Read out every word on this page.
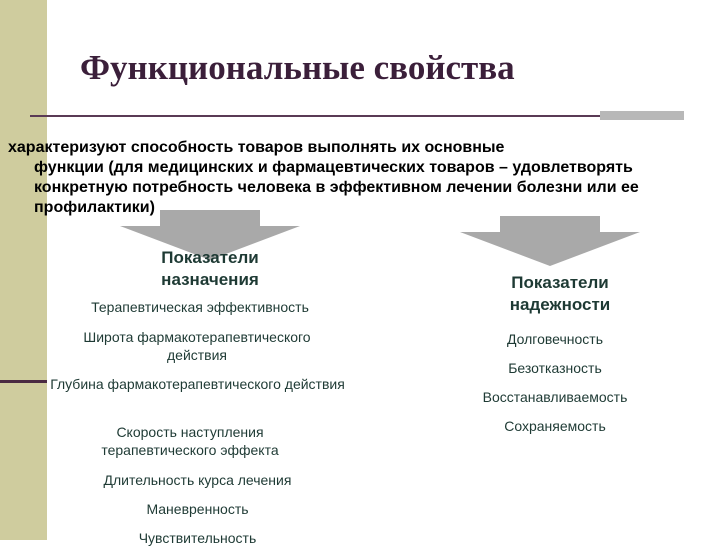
Функциональные свойства
характеризуют способность товаров выполнять их основные
функции (для медицинских и фармацевтических товаров – удовлетворять конкретную потребность человека в эффективном лечении болезни или ее профилактики)
Показатели
назначения	Показатели
надежности
Терапевтическая эффективность
Широта фармакотерапевтического действия
Глубина фармакотерапевтического действия
Скорость наступления терапевтического эффекта
Длительность курса лечения
Маневренность
Чувствительность
Долговечность
Безотказность
Восстанавливаемость
Сохраняемость
